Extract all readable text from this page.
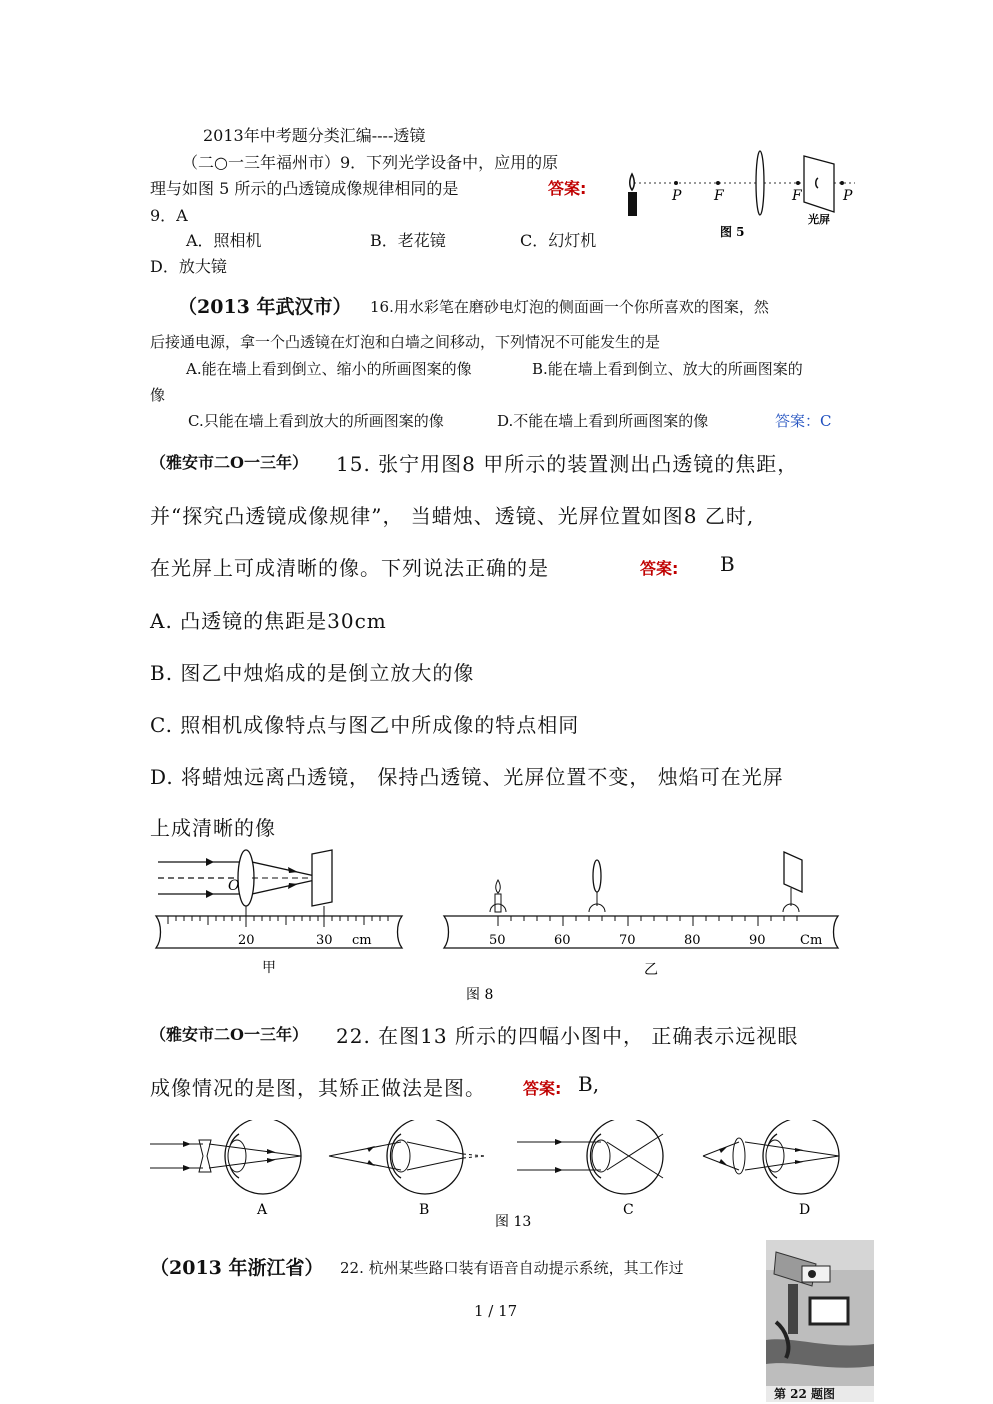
2013年中考题分类汇编----透镜
（二○一三年福州市）9．下列光学设备中，应用的原
理与如图 5 所示的凸透镜成像规律相同的是	答案:
9．A
A．照相机	B．老花镜	C．幻灯机
D．放大镜
P F	F	P
光屏
图 5
（2013 年武汉市） 16.用水彩笔在磨砂电灯泡的侧面画一个你所喜欢的图案，然
后接通电源，拿一个凸透镜在灯泡和白墙之间移动，下列情况不可能发生的是
A.能在墙上看到倒立、缩小的所画图案的像	B.能在墙上看到倒立、放大的所画图案的
像
C.只能在墙上看到放大的所画图案的像	D.不能在墙上看到所画图案的像	答案：C
（雅安市二O一三年） 15. 张宁用图8 甲所示的装置测出凸透镜的焦距，
并“探究凸透镜成像规律”， 当蜡烛、透镜、光屏位置如图8 乙时,
在光屏上可成清晰的像。下列说法正确的是	答案: B
A. 凸透镜的焦距是30cm
B. 图乙中烛焰成的是倒立放大的像
C. 照相机成像特点与图乙中所成像的特点相同
D. 将蜡烛远离凸透镜， 保持凸透镜、光屏位置不变， 烛焰可在光屏
上成清晰的像
O
20	30 cm
甲
50	60	70	80	90	Cm
乙
图 8
（雅安市二O一三年） 22. 在图13 所示的四幅小图中， 正确表示远视眼
成像情况的是图，其矫正做法是图。 答案: B,
A	B	C	D
图 13
（2013 年浙江省） 22. 杭州某些路口装有语音自动提示系统，其工作过
第 22 题图
1 / 17
